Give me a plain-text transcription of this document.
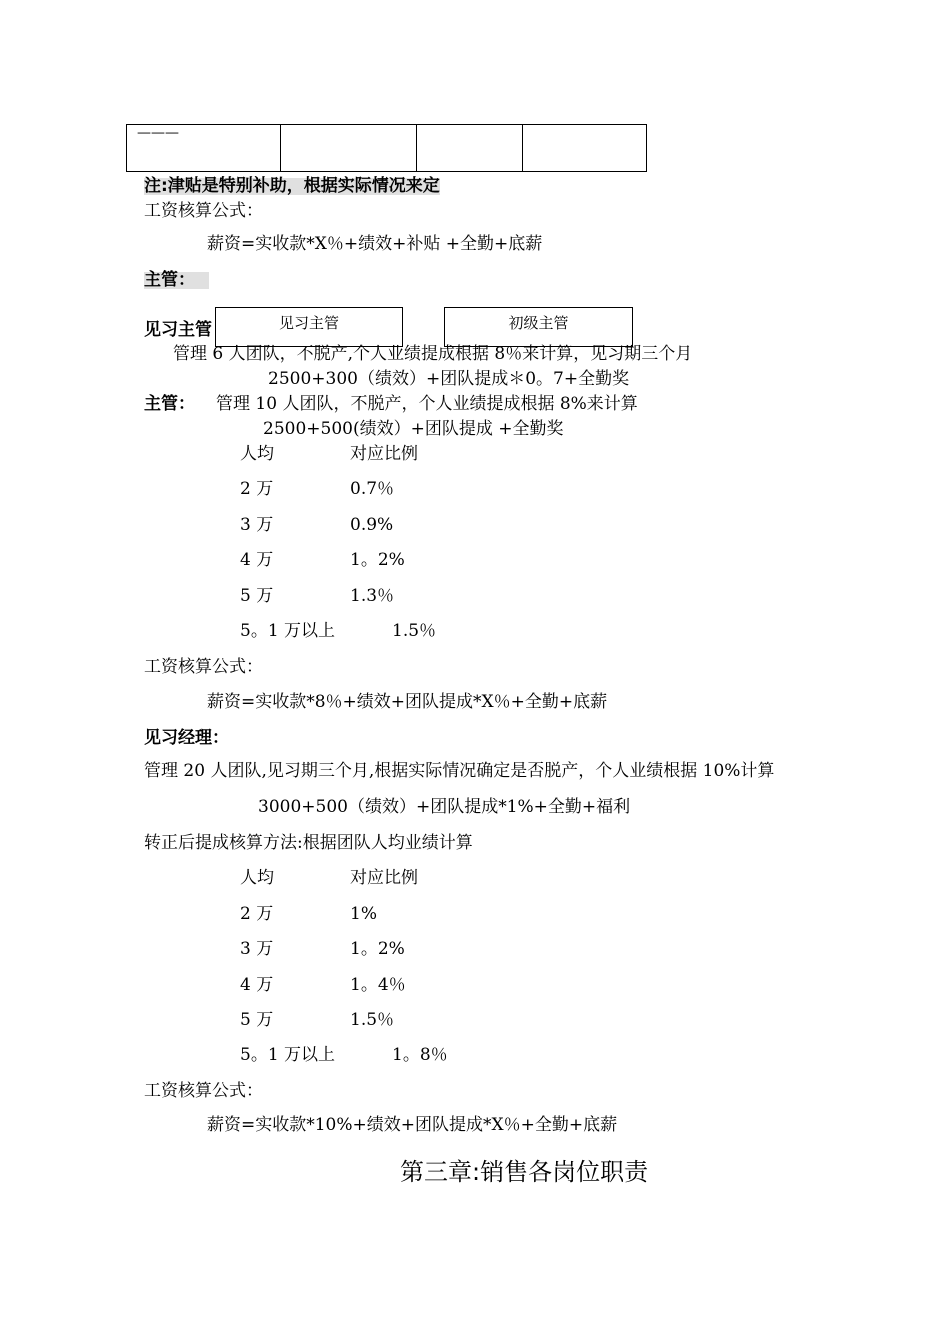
———			
注:津贴是特别补助，根据实际情况来定
工资核算公式：
薪资=实收款*X％+绩效+补贴 +全勤+底薪
主管：
见习主管	见习主管	初级主管
管理 6 人团队，不脱产,个人业绩提成根据 8％来计算，见习期三个月
2500+300（绩效）+团队提成＊0。7+全勤奖
主管： 管理 10 人团队，不脱产，个人业绩提成根据 8%来计算
2500+500(绩效）+团队提成 +全勤奖
人均	对应比例
2 万	0.7％
3 万	0.9%
4 万	1。2%
5 万	1.3％
5。1 万以上	1.5％
工资核算公式：
薪资=实收款*8％+绩效+团队提成*X％+全勤+底薪
见习经理：
管理 20 人团队,见习期三个月,根据实际情况确定是否脱产，个人业绩根据 10%计算
3000+500（绩效）+团队提成*1%+全勤+福利
转正后提成核算方法:根据团队人均业绩计算
人均	对应比例
2 万	1%
3 万	1。2%
4 万	1。4％
5 万	1.5％
5。1 万以上	1。8％
工资核算公式：
薪资=实收款*10%+绩效+团队提成*X％+全勤+底薪
第三章:销售各岗位职责
